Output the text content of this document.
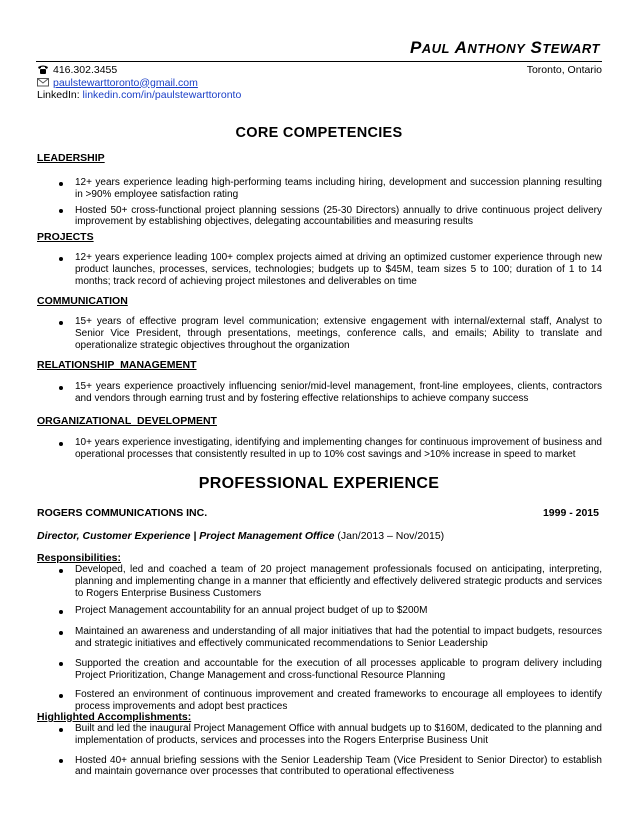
PAUL ANTHONY STEWART
416.302.3455	Toronto, Ontario
paulstewarttoronto@gmail.com
LinkedIn: linkedin.com/in/paulstewarttoronto
CORE COMPETENCIES
LEADERSHIP
12+ years experience leading high-performing teams including hiring, development and succession planning resulting in >90% employee satisfaction rating
Hosted 50+ cross-functional project planning sessions (25-30 Directors) annually to drive continuous project delivery improvement by establishing objectives, delegating accountabilities and measuring results
PROJECTS
12+ years experience leading 100+ complex projects aimed at driving an optimized customer experience through new product launches, processes, services, technologies; budgets up to $45M, team sizes 5 to 100; duration of 1 to 14 months; track record of achieving project milestones and deliverables on time
COMMUNICATION
15+ years of effective program level communication; extensive engagement with internal/external staff, Analyst to Senior Vice President, through presentations, meetings, conference calls, and emails; Ability to translate and operationalize strategic objectives throughout the organization
RELATIONSHIP MANAGEMENT
15+ years experience proactively influencing senior/mid-level management, front-line employees, clients, contractors and vendors through earning trust and by fostering effective relationships to achieve company success
ORGANIZATIONAL DEVELOPMENT
10+ years experience investigating, identifying and implementing changes for continuous improvement of business and operational processes that consistently resulted in up to 10% cost savings and >10% increase in speed to market
PROFESSIONAL EXPERIENCE
ROGERS COMMUNICATIONS INC.	1999 - 2015
Director, Customer Experience | Project Management Office (Jan/2013 – Nov/2015)
Responsibilities:
Developed, led and coached a team of 20 project management professionals focused on anticipating, interpreting, planning and implementing change in a manner that efficiently and effectively delivered strategic products and services to Rogers Enterprise Business Customers
Project Management accountability for an annual project budget of up to $200M
Maintained an awareness and understanding of all major initiatives that had the potential to impact budgets, resources and strategic initiatives and effectively communicated recommendations to Senior Leadership
Supported the creation and accountable for the execution of all processes applicable to program delivery including Project Prioritization, Change Management and cross-functional Resource Planning
Fostered an environment of continuous improvement and created frameworks to encourage all employees to identify process improvements and adopt best practices
Highlighted Accomplishments:
Built and led the inaugural Project Management Office with annual budgets up to $160M, dedicated to the planning and implementation of products, services and processes into the Rogers Enterprise Business Unit
Hosted 40+ annual briefing sessions with the Senior Leadership Team (Vice President to Senior Director) to establish and maintain governance over processes that contributed to operational effectiveness
